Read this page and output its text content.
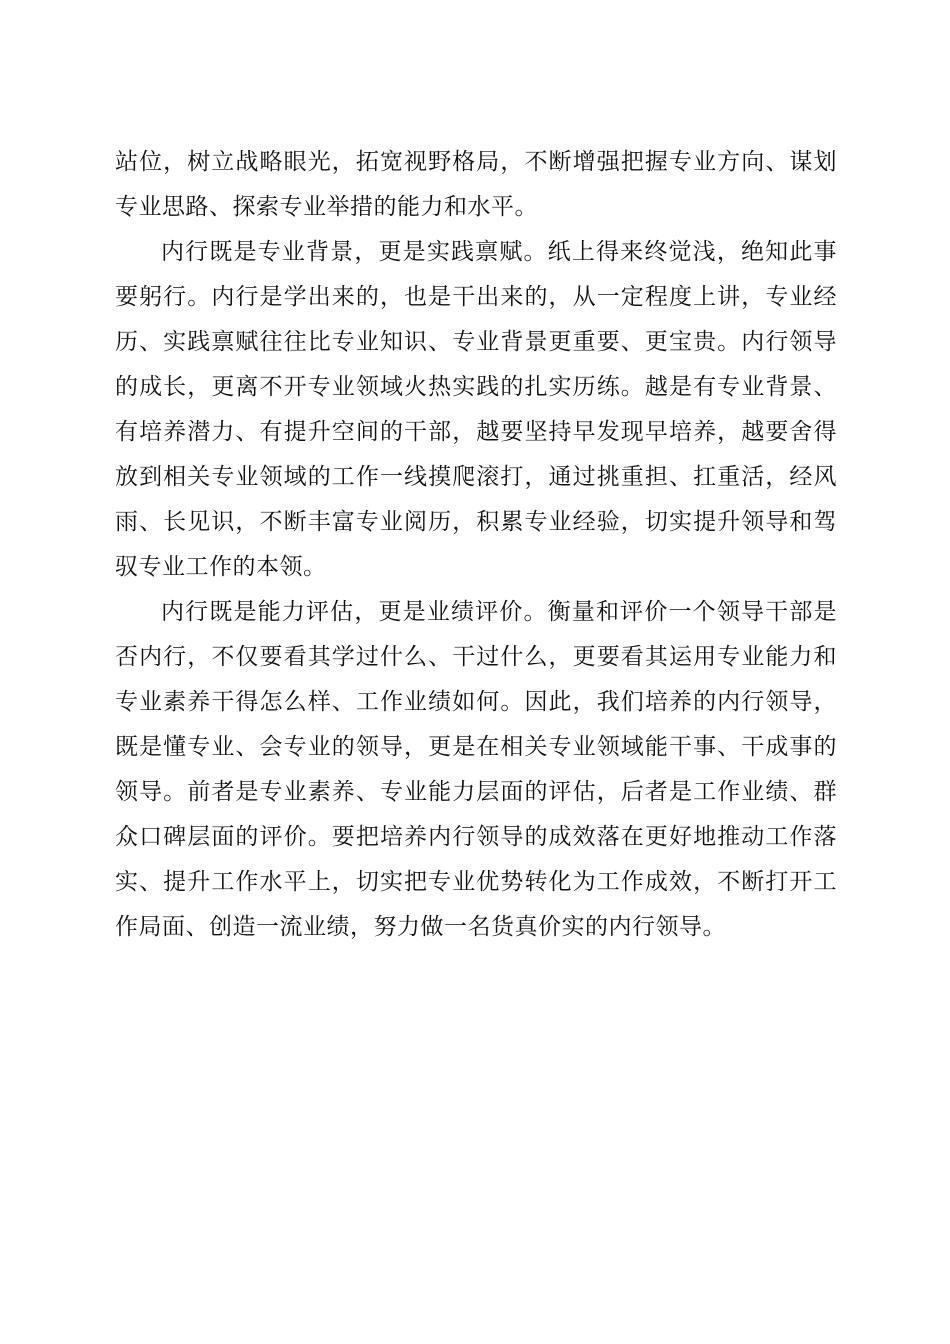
站位，树立战略眼光，拓宽视野格局，不断增强把握专业方向、谋划专业思路、探索专业举措的能力和水平。

内行既是专业背景，更是实践禀赋。纸上得来终觉浅，绝知此事要躬行。内行是学出来的，也是干出来的，从一定程度上讲，专业经历、实践禀赋往往比专业知识、专业背景更重要、更宝贵。内行领导的成长，更离不开专业领域火热实践的扎实历练。越是有专业背景、有培养潜力、有提升空间的干部，越要坚持早发现早培养，越要舍得放到相关专业领域的工作一线摸爬滚打，通过挑重担、扛重活，经风雨、长见识，不断丰富专业阅历，积累专业经验，切实提升领导和驾驭专业工作的本领。

内行既是能力评估，更是业绩评价。衡量和评价一个领导干部是否内行，不仅要看其学过什么、干过什么，更要看其运用专业能力和专业素养干得怎么样、工作业绩如何。因此，我们培养的内行领导，既是懂专业、会专业的领导，更是在相关专业领域能干事、干成事的领导。前者是专业素养、专业能力层面的评估，后者是工作业绩、群众口碑层面的评价。要把培养内行领导的成效落在更好地推动工作落实、提升工作水平上，切实把专业优势转化为工作成效，不断打开工作局面、创造一流业绩，努力做一名货真价实的内行领导。
